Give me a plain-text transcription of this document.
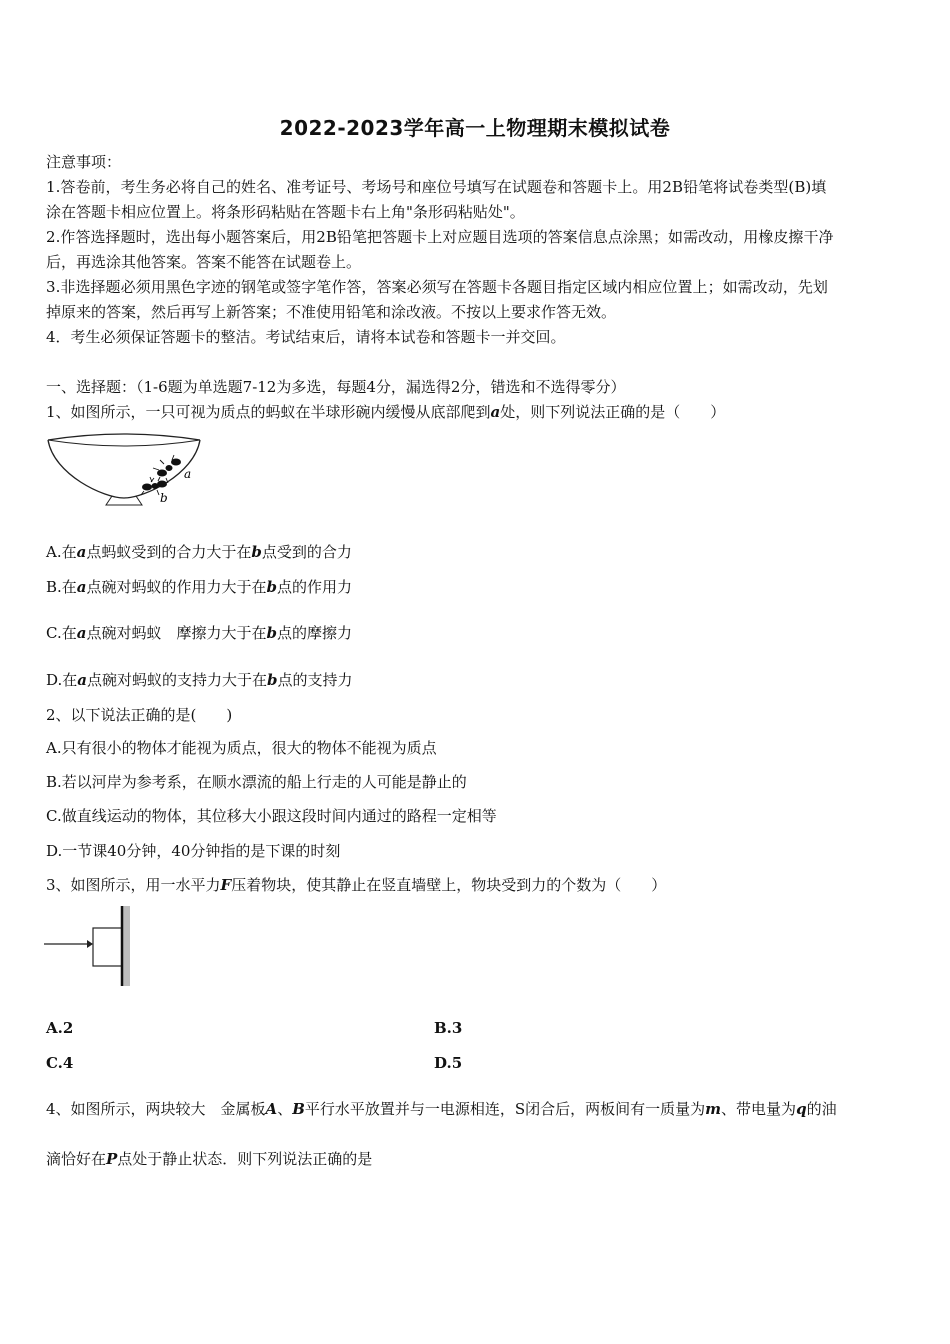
2022-2023学年高一上物理期末模拟试卷
注意事项：
1.答卷前，考生务必将自己的姓名、准考证号、考场号和座位号填写在试题卷和答题卡上。用2B铅笔将试卷类型(B)填
涂在答题卡相应位置上。将条形码粘贴在答题卡右上角"条形码粘贴处"。
2.作答选择题时，选出每小题答案后，用2B铅笔把答题卡上对应题目选项的答案信息点涂黑；如需改动，用橡皮擦干净
后，再选涂其他答案。答案不能答在试题卷上。
3.非选择题必须用黑色字迹的钢笔或签字笔作答，答案必须写在答题卡各题目指定区域内相应位置上；如需改动，先划
掉原来的答案，然后再写上新答案；不准使用铅笔和涂改液。不按以上要求作答无效。
4．考生必须保证答题卡的整洁。考试结束后，请将本试卷和答题卡一并交回。
一、选择题：（1-6题为单选题7-12为多选，每题4分，漏选得2分，错选和不选得零分）
1、如图所示，一只可视为质点的蚂蚁在半球形碗内缓慢从底部爬到a处，则下列说法正确的是（　　）
a
b
A.在a点蚂蚁受到的合力大于在b点受到的合力
B.在a点碗对蚂蚁的作用力大于在b点的作用力
C.在a点碗对蚂蚁　摩擦力大于在b点的摩擦力
D.在a点碗对蚂蚁的支持力大于在b点的支持力
2、以下说法正确的是(　　)
A.只有很小的物体才能视为质点，很大的物体不能视为质点
B.若以河岸为参考系，在顺水漂流的船上行走的人可能是静止的
C.做直线运动的物体，其位移大小跟这段时间内通过的路程一定相等
D.一节课40分钟，40分钟指的是下课的时刻
3、如图所示，用一水平力F压着物块，使其静止在竖直墙壁上，物块受到力的个数为（　　）
A.2	B.3
C.4	D.5
4、如图所示，两块较大　金属板A、B平行水平放置并与一电源相连，S闭合后，两板间有一质量为m、带电量为q的油
滴恰好在P点处于静止状态．则下列说法正确的是
